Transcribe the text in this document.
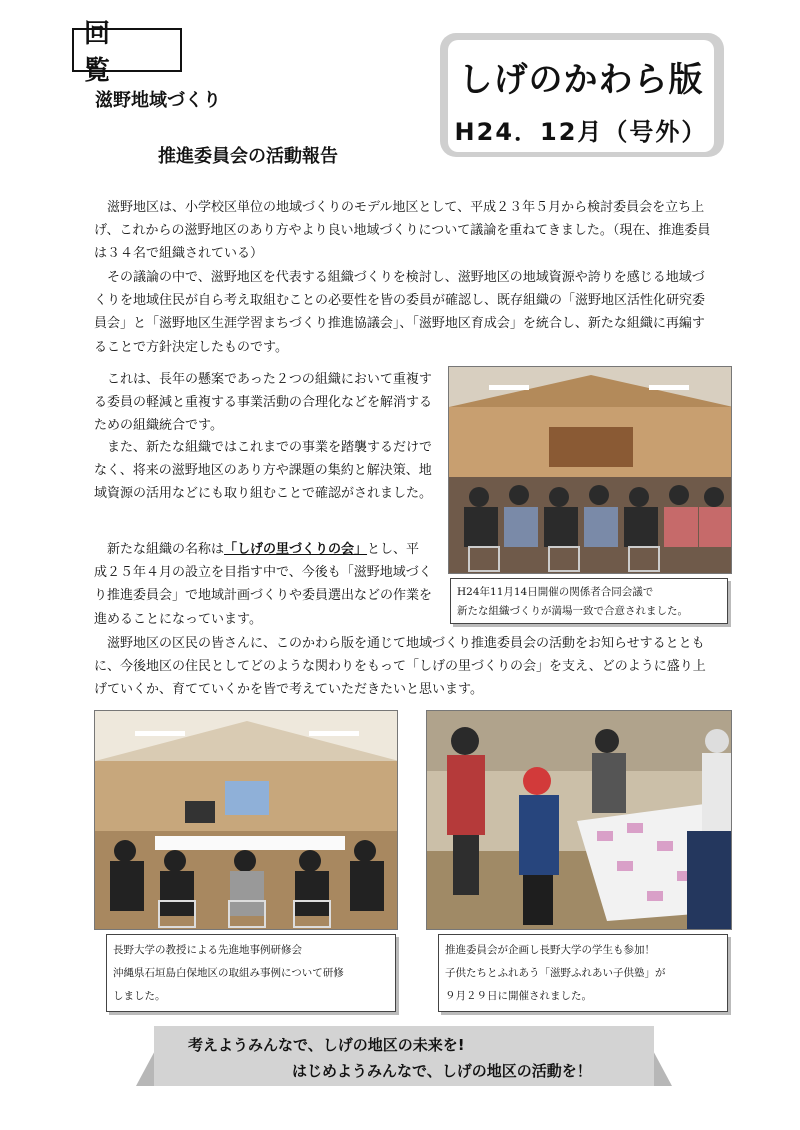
回 覧
滋野地域づくり
推進委員会の活動報告
しげのかわら版
H24．12月（号外）

滋野地区は、小学校区単位の地域づくりのモデル地区として、平成２３年５月から検討委員会を立ち上げ、これからの滋野地区のあり方やより良い地域づくりについて議論を重ねてきました。（現在、推進委員は３４名で組織されている）

その議論の中で、滋野地区を代表する組織づくりを検討し、滋野地区の地域資源や誇りを感じる地域づくりを地域住民が自ら考え取組むことの必要性を皆の委員が確認し、既存組織の「滋野地区活性化研究委員会」と「滋野地区生涯学習まちづくり推進協議会」、「滋野地区育成会」を統合し、新たな組織に再編することで方針決定したものです。

これは、長年の懸案であった２つの組織において重複する委員の軽減と重複する事業活動の合理化などを解消するための組織統合です。

また、新たな組織ではこれまでの事業を踏襲するだけでなく、将来の滋野地区のあり方や課題の集約と解決策、地域資源の活用などにも取り組むことで確認がされました。

新たな組織の名称は「しげの里づくりの会」とし、平成２５年４月の設立を目指す中で、今後も「滋野地域づくり推進委員会」で地域計画づくりや委員選出などの作業を進めることになっています。

滋野地区の区民の皆さんに、このかわら版を通じて地域づくり推進委員会の活動をお知らせするとともに、今後地区の住民としてどのような関わりをもって「しげの里づくりの会」を支え、どのように盛り上げていくか、育てていくかを皆で考えていただきたいと思います。

H24年11月14日開催の関係者合同会議で
新たな組織づくりが満場一致で合意されました。
長野大学の教授による先進地事例研修会
沖縄県石垣島白保地区の取組み事例について研修
しました。
推進委員会が企画し長野大学の学生も参加！
子供たちとふれあう「滋野ふれあい子供塾」が
９月２９日に開催されました。
考えようみんなで、しげの地区の未来を!
はじめようみんなで、しげの地区の活動を！
